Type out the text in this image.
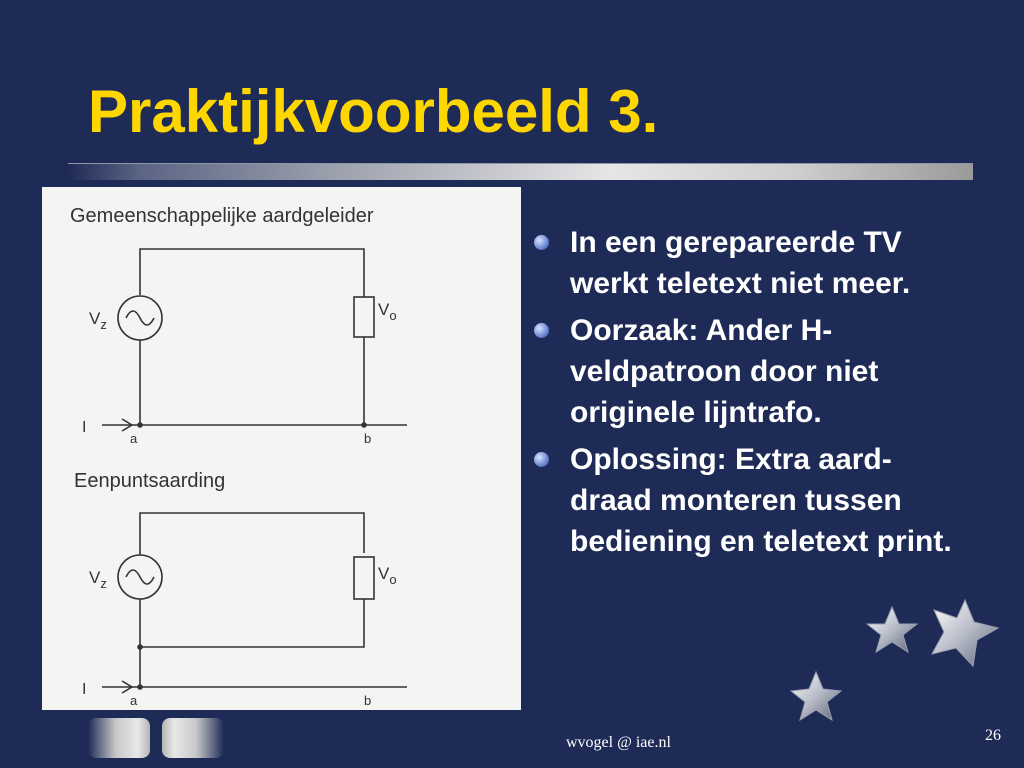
Praktijkvoorbeeld 3.
Gemeenschappelijke aardgeleider
$V_z$
$V_o$
I
a	b
Eenpuntsaarding
$V_z$
$V_o$
I
a	b
In een gerepareerde TV werkt teletext niet meer.
Oorzaak: Ander H-veldpatroon door niet originele lijntrafo.
Oplossing: Extra aard-draad monteren tussen bediening en teletext print.
wvogel @ iae.nl	26
